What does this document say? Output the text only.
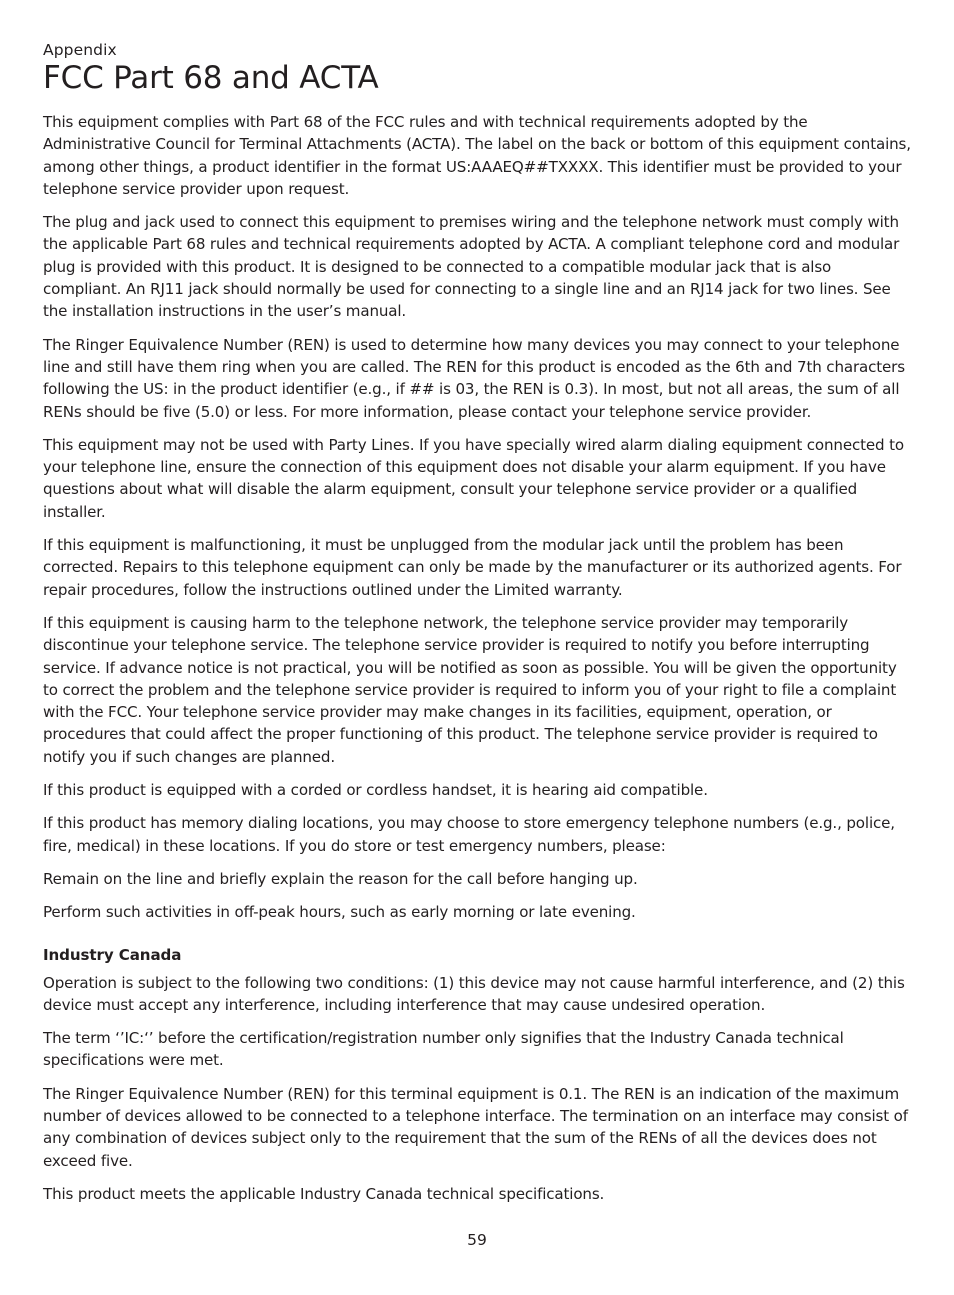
Appendix

FCC Part 68 and ACTA

This equipment complies with Part 68 of the FCC rules and with technical requirements adopted by the Administrative Council for Terminal Attachments (ACTA). The label on the back or bottom of this equipment contains, among other things, a product identifier in the format US:AAAEQ##TXXXX. This identifier must be provided to your telephone service provider upon request.

The plug and jack used to connect this equipment to premises wiring and the telephone network must comply with the applicable Part 68 rules and technical requirements adopted by ACTA. A compliant telephone cord and modular plug is provided with this product. It is designed to be connected to a compatible modular jack that is also compliant. An RJ11 jack should normally be used for connecting to a single line and an RJ14 jack for two lines. See the installation instructions in the user’s manual.

The Ringer Equivalence Number (REN) is used to determine how many devices you may connect to your telephone line and still have them ring when you are called. The REN for this product is encoded as the 6th and 7th characters following the US: in the product identifier (e.g., if ## is 03, the REN is 0.3). In most, but not all areas, the sum of all RENs should be five (5.0) or less. For more information, please contact your telephone service provider.

This equipment may not be used with Party Lines. If you have specially wired alarm dialing equipment connected to your telephone line, ensure the connection of this equipment does not disable your alarm equipment. If you have questions about what will disable the alarm equipment, consult your telephone service provider or a qualified installer.

If this equipment is malfunctioning, it must be unplugged from the modular jack until the problem has been corrected. Repairs to this telephone equipment can only be made by the manufacturer or its authorized agents. For repair procedures, follow the instructions outlined under the Limited warranty.

If this equipment is causing harm to the telephone network, the telephone service provider may temporarily discontinue your telephone service. The telephone service provider is required to notify you before interrupting service. If advance notice is not practical, you will be notified as soon as possible. You will be given the opportunity to correct the problem and the telephone service provider is required to inform you of your right to file a complaint with the FCC. Your telephone service provider may make changes in its facilities, equipment, operation, or procedures that could affect the proper functioning of this product. The telephone service provider is required to notify you if such changes are planned.

If this product is equipped with a corded or cordless handset, it is hearing aid compatible.

If this product has memory dialing locations, you may choose to store emergency telephone numbers (e.g., police, fire, medical) in these locations. If you do store or test emergency numbers, please:

Remain on the line and briefly explain the reason for the call before hanging up.

Perform such activities in off-peak hours, such as early morning or late evening.

Industry Canada

Operation is subject to the following two conditions: (1) this device may not cause harmful interference, and (2) this device must accept any interference, including interference that may cause undesired operation.

The term ‘’IC:‘’ before the certification/registration number only signifies that the Industry Canada technical specifications were met.

The Ringer Equivalence Number (REN) for this terminal equipment is 0.1. The REN is an indication of the maximum number of devices allowed to be connected to a telephone interface. The termination on an interface may consist of any combination of devices subject only to the requirement that the sum of the RENs of all the devices does not exceed five.

This product meets the applicable Industry Canada technical specifications.

59
